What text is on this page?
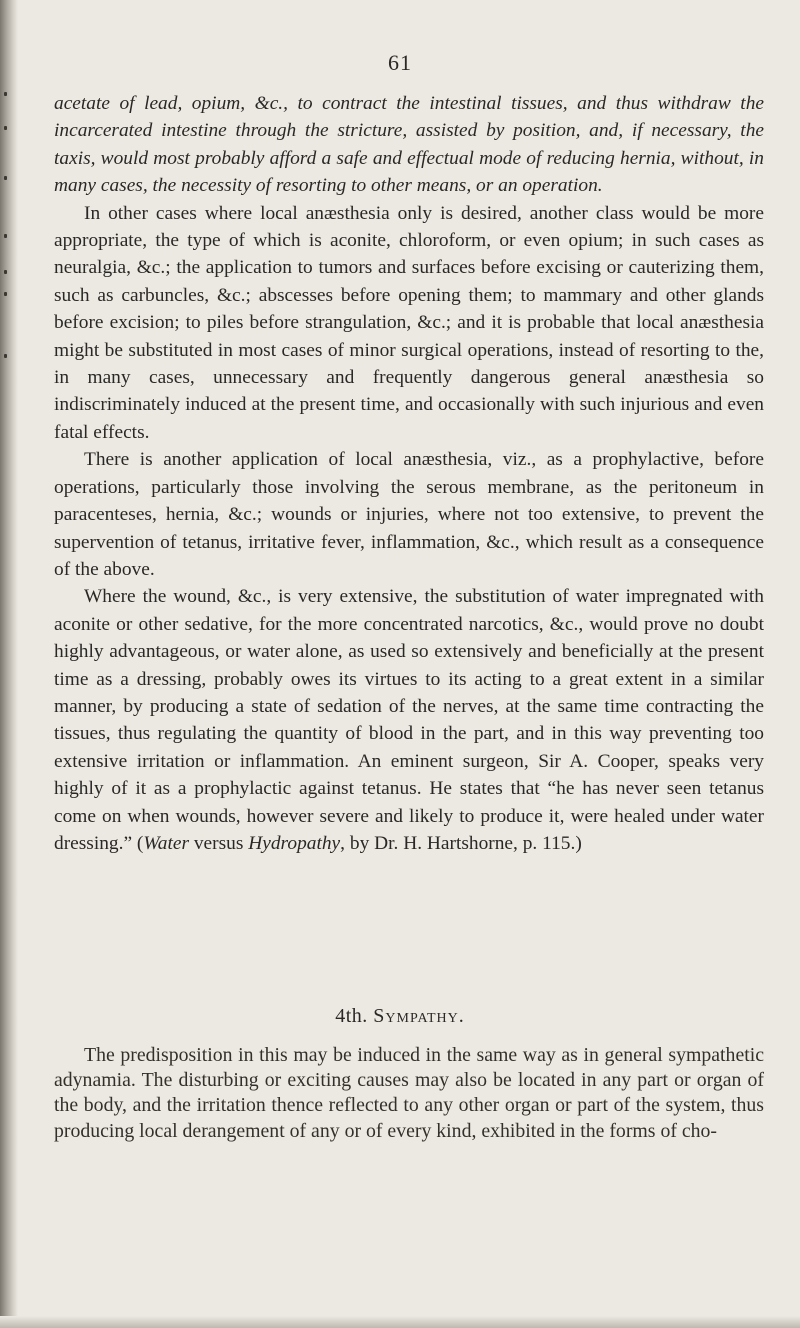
61

acetate of lead, opium, &c., to contract the intestinal tissues, and thus withdraw the incarcerated intestine through the stricture, assisted by position, and, if necessary, the taxis, would most probably afford a safe and effectual mode of reducing hernia, without, in many cases, the necessity of resorting to other means, or an operation.

In other cases where local anæsthesia only is desired, another class would be more appropriate, the type of which is aconite, chloroform, or even opium; in such cases as neuralgia, &c.; the application to tumors and surfaces before excising or cauterizing them, such as carbuncles, &c.; abscesses before opening them; to mammary and other glands before excision; to piles before strangulation, &c.; and it is probable that local anæsthesia might be substituted in most cases of minor surgical operations, instead of resorting to the, in many cases, unnecessary and frequently dangerous general anæsthesia so indiscriminately induced at the present time, and occasionally with such injurious and even fatal effects.

There is another application of local anæsthesia, viz., as a prophylactive, before operations, particularly those involving the serous membrane, as the peritoneum in paracenteses, hernia, &c.; wounds or injuries, where not too extensive, to prevent the supervention of tetanus, irritative fever, inflammation, &c., which result as a consequence of the above.

Where the wound, &c., is very extensive, the substitution of water impregnated with aconite or other sedative, for the more concentrated narcotics, &c., would prove no doubt highly advantageous, or water alone, as used so extensively and beneficially at the present time as a dressing, probably owes its virtues to its acting to a great extent in a similar manner, by producing a state of sedation of the nerves, at the same time contracting the tissues, thus regulating the quantity of blood in the part, and in this way preventing too extensive irritation or inflammation. An eminent surgeon, Sir A. Cooper, speaks very highly of it as a prophylactic against tetanus. He states that “he has never seen tetanus come on when wounds, however severe and likely to produce it, were healed under water dressing.” (Water versus Hydropathy, by Dr. H. Hartshorne, p. 115.)

4th. Sympathy.

The predisposition in this may be induced in the same way as in general sympathetic adynamia. The disturbing or exciting causes may also be located in any part or organ of the body, and the irritation thence reflected to any other organ or part of the system, thus producing local derangement of any or of every kind, exhibited in the forms of cho-
